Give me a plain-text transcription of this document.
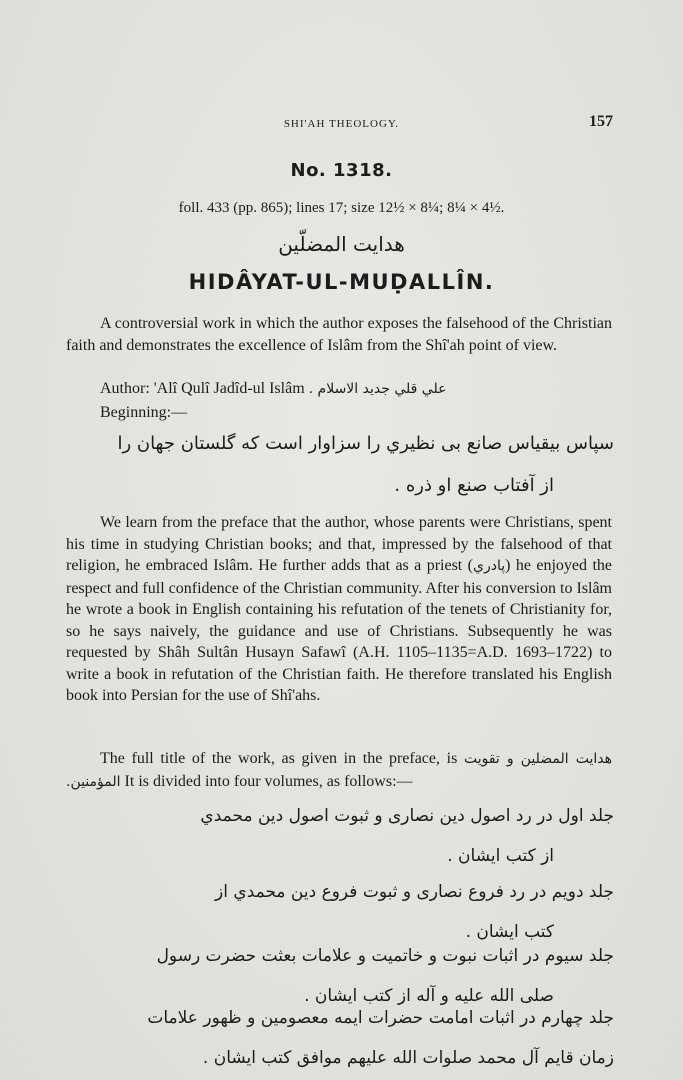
SHI'AH THEOLOGY.	157
No. 1318.
foll. 433 (pp. 865); lines 17; size 12½ × 8¼; 8¼ × 4½.
هدايت المضلّين
HIDÂYAT-UL-MUḌALLÎN.

A controversial work in which the author exposes the falsehood of the Christian faith and demonstrates the excellence of Islâm from the Shî'ah point of view.

Author: 'Alî Qulî Jadîd-ul Islâm علي قلي جديد الاسلام .
Beginning:—
سپاس بيقياس صانع بى نظيري را سزاوار است كه گلستان جهان را
از آفتاب صنع او ذره .

We learn from the preface that the author, whose parents were Christians, spent his time in studying Christian books; and that, impressed by the falsehood of that religion, he embraced Islâm. He further adds that as a priest (پادري) he enjoyed the respect and full confidence of the Christian community. After his conversion to Islâm he wrote a book in English containing his refutation of the tenets of Christianity for, so he says naively, the guidance and use of Christians. Subsequently he was requested by Shâh Sultân Husayn Safawî (A.H. 1105–1135=A.D. 1693–1722) to write a book in refutation of the Christian faith. He therefore translated his English book into Persian for the use of Shî'ahs.

The full title of the work, as given in the preface, is هدايت المضلين و تقويت المؤمنين. It is divided into four volumes, as follows:—

جلد اول در رد اصول دين نصارى و ثبوت اصول دين محمدي
از كتب ايشان .
جلد دويم در رد فروع نصارى و ثبوت فروع دين محمدي از
كتب ايشان .
جلد سيوم در اثبات نبوت و خاتميت و علامات بعثت حضرت رسول
صلى الله عليه و آله از كتب ايشان .
جلد چهارم در اثبات امامت حضرات ايمه معصومين و ظهور علامات
زمان قايم آل محمد صلوات الله عليهم موافق كتب ايشان .
